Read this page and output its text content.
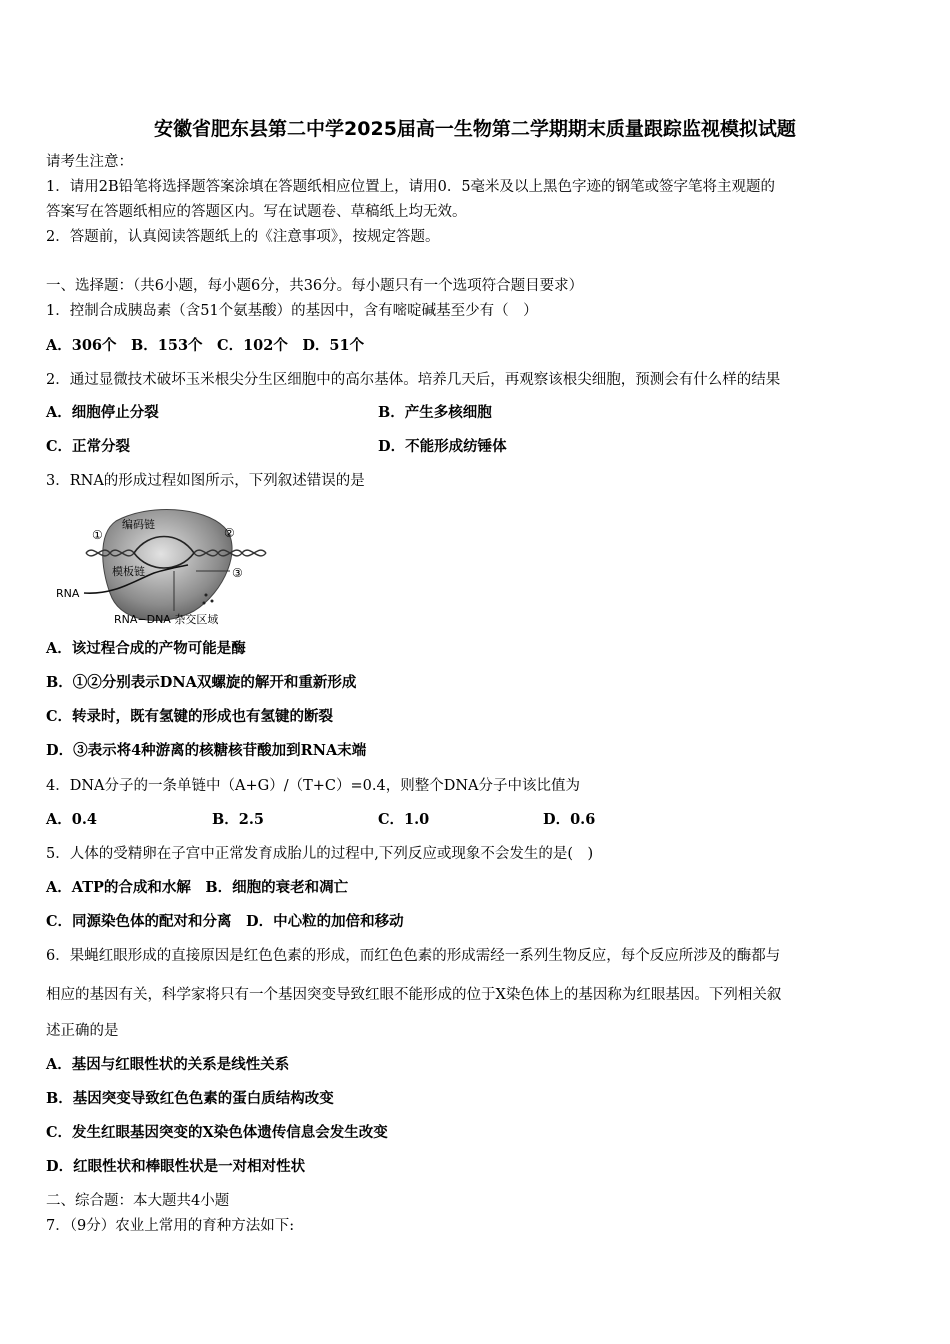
安徽省肥东县第二中学2025届高一生物第二学期期末质量跟踪监视模拟试题
请考生注意：
1．请用2B铅笔将选择题答案涂填在答题纸相应位置上，请用0．5毫米及以上黑色字迹的钢笔或签字笔将主观题的
答案写在答题纸相应的答题区内。写在试题卷、草稿纸上均无效。
2．答题前，认真阅读答题纸上的《注意事项》，按规定答题。
一、选择题：（共6小题，每小题6分，共36分。每小题只有一个选项符合题目要求）
1．控制合成胰岛素（含51个氨基酸）的基因中，含有嘧啶碱基至少有（　）
A．306个　B．153个　C．102个　D．51个
2．通过显微技术破坏玉米根尖分生区细胞中的高尔基体。培养几天后，再观察该根尖细胞，预测会有什么样的结果
A．细胞停止分裂	B．产生多核细胞
C．正常分裂	D．不能形成纺锤体
3．RNA的形成过程如图所示，下列叙述错误的是
编码链
模板链
RNA
RNA−DNA 杂交区域
①	②
③
A．该过程合成的产物可能是酶
B．①②分别表示DNA双螺旋的解开和重新形成
C．转录时，既有氢键的形成也有氢键的断裂
D．③表示将4种游离的核糖核苷酸加到RNA末端
4．DNA分子的一条单链中（A+G）/（T+C）=0.4，则整个DNA分子中该比值为
A．0.4	B．2.5	C．1.0	D．0.6
5．人体的受精卵在子宫中正常发育成胎儿的过程中,下列反应或现象不会发生的是(　)
A．ATP的合成和水解　B．细胞的衰老和凋亡
C．同源染色体的配对和分离　D．中心粒的加倍和移动
6．果蝇红眼形成的直接原因是红色色素的形成，而红色色素的形成需经一系列生物反应，每个反应所涉及的酶都与
相应的基因有关，科学家将只有一个基因突变导致红眼不能形成的位于X染色体上的基因称为红眼基因。下列相关叙
述正确的是
A．基因与红眼性状的关系是线性关系
B．基因突变导致红色色素的蛋白质结构改变
C．发生红眼基因突变的X染色体遗传信息会发生改变
D．红眼性状和棒眼性状是一对相对性状
二、综合题：本大题共4小题
7．（9分）农业上常用的育种方法如下:
